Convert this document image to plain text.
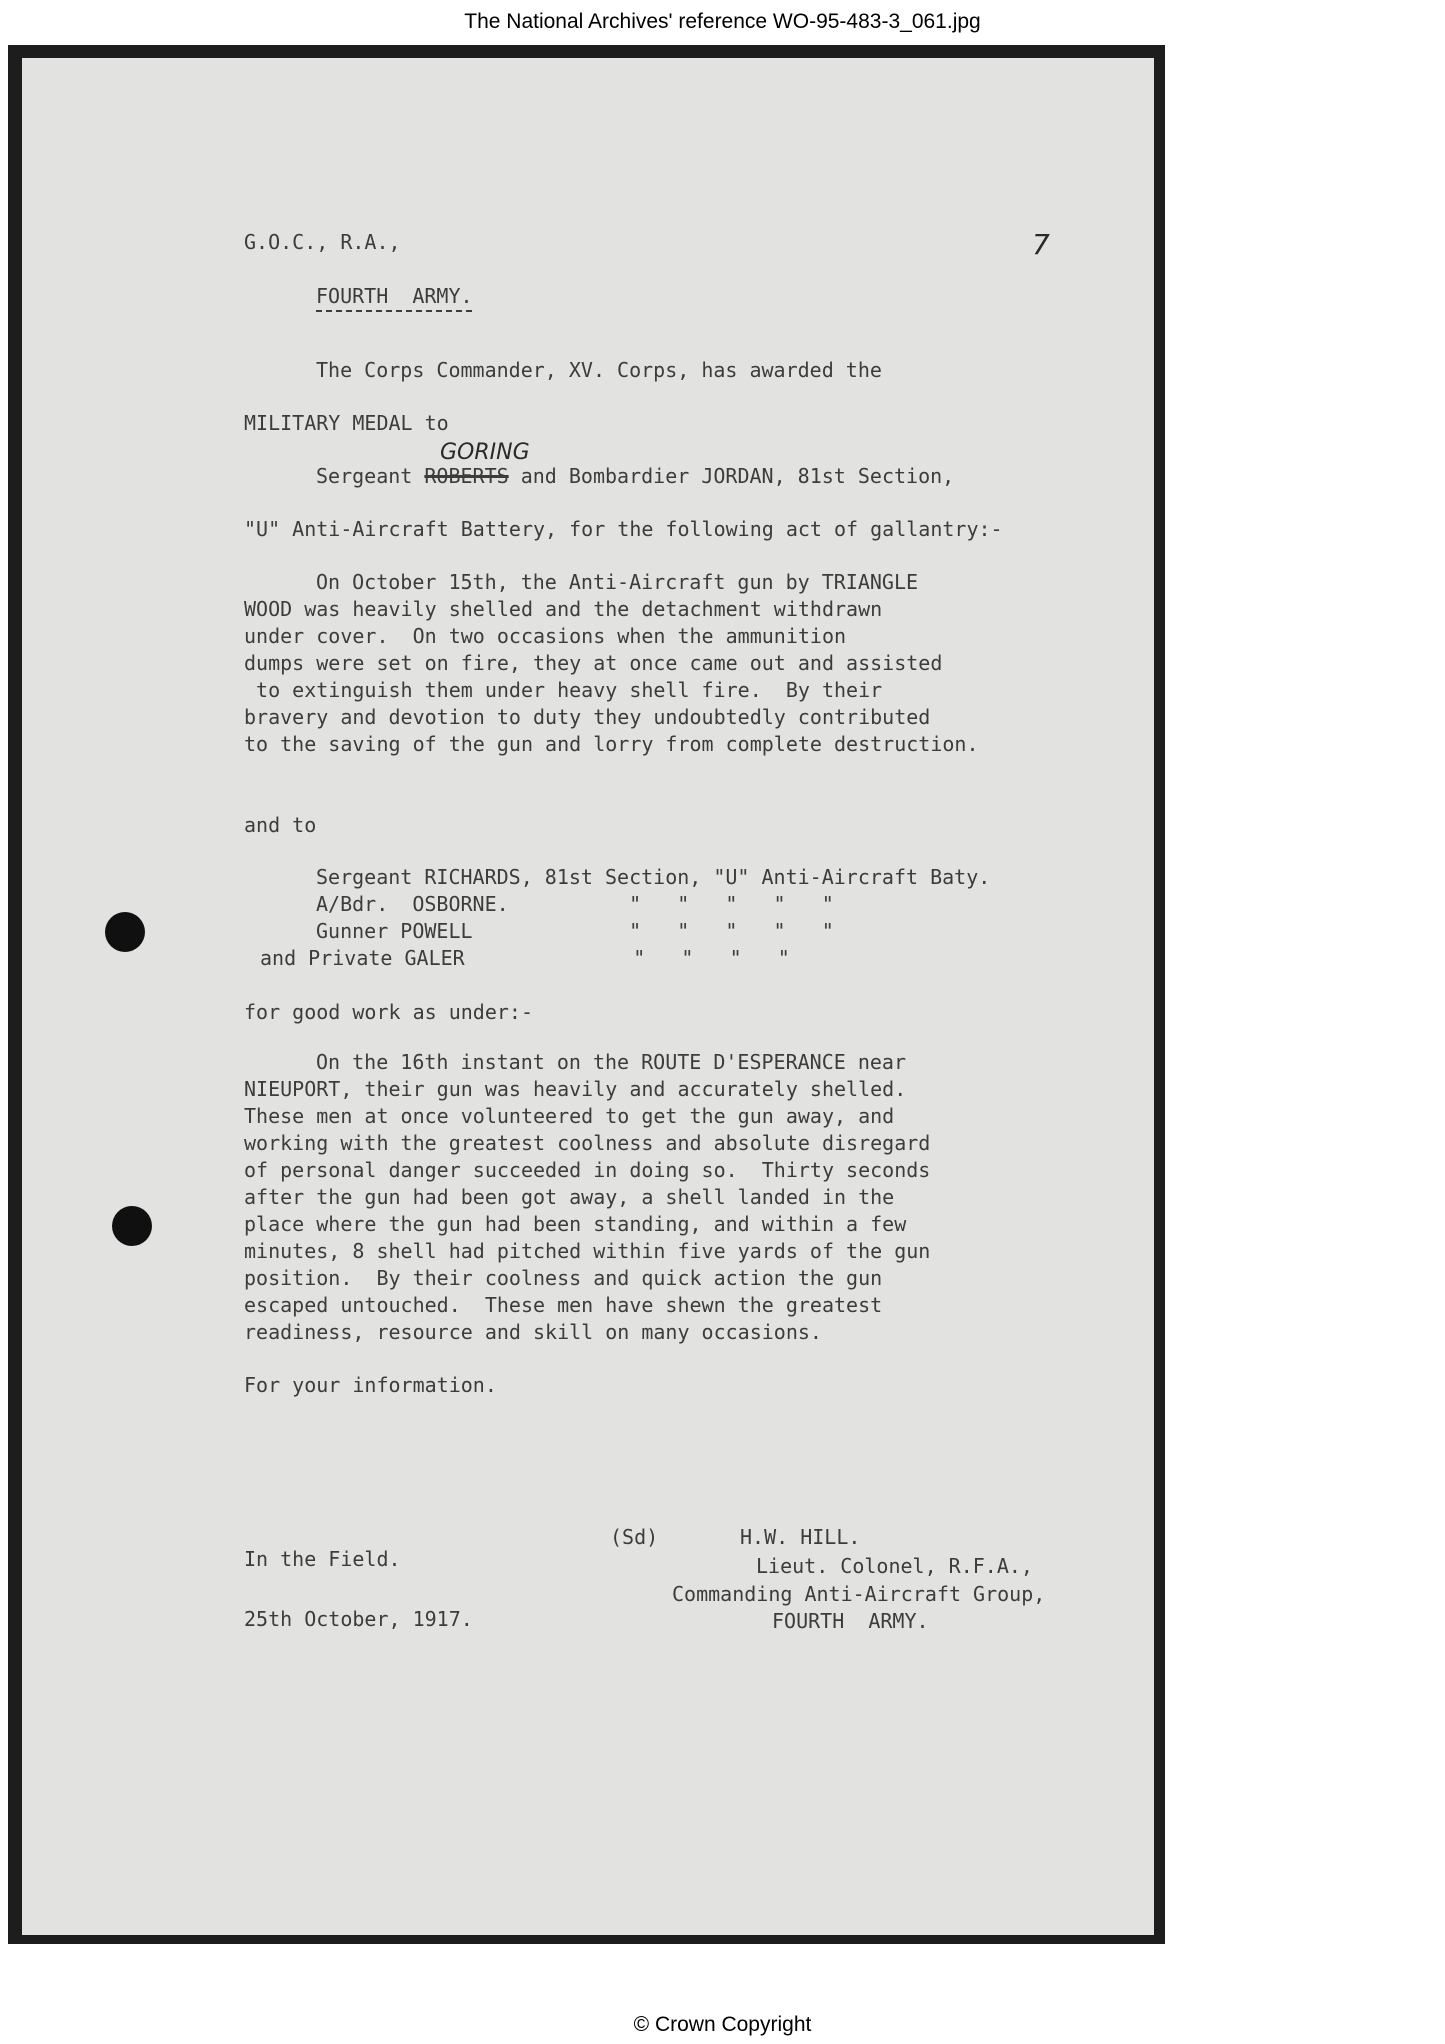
The National Archives' reference WO-95-483-3_061.jpg
7
G.O.C., R.A.,
FOURTH  ARMY.
The Corps Commander, XV. Corps, has awarded the
MILITARY MEDAL to
GORING
Sergeant ROBERTS and Bombardier JORDAN, 81st Section,
"U" Anti-Aircraft Battery, for the following act of gallantry:-
On October 15th, the Anti-Aircraft gun by TRIANGLE
WOOD was heavily shelled and the detachment withdrawn
under cover.  On two occasions when the ammunition
dumps were set on fire, they at once came out and assisted
to extinguish them under heavy shell fire.  By their
bravery and devotion to duty they undoubtedly contributed
to the saving of the gun and lorry from complete destruction.
and to
Sergeant RICHARDS, 81st Section, "U" Anti-Aircraft Baty.
A/Bdr.  OSBORNE.          "   "   "   "   "
Gunner POWELL             "   "   "   "   "
and Private GALER              "   "   "   "
for good work as under:-
On the 16th instant on the ROUTE D'ESPERANCE near
NIEUPORT, their gun was heavily and accurately shelled.
These men at once volunteered to get the gun away, and
working with the greatest coolness and absolute disregard
of personal danger succeeded in doing so.  Thirty seconds
after the gun had been got away, a shell landed in the
place where the gun had been standing, and within a few
minutes, 8 shell had pitched within five yards of the gun
position.  By their coolness and quick action the gun
escaped untouched.  These men have shewn the greatest
readiness, resource and skill on many occasions.
For your information.
In the Field.
25th October, 1917.
(Sd)	H.W. HILL.
Lieut. Colonel, R.F.A.,
Commanding Anti-Aircraft Group,
FOURTH  ARMY.
© Crown Copyright
